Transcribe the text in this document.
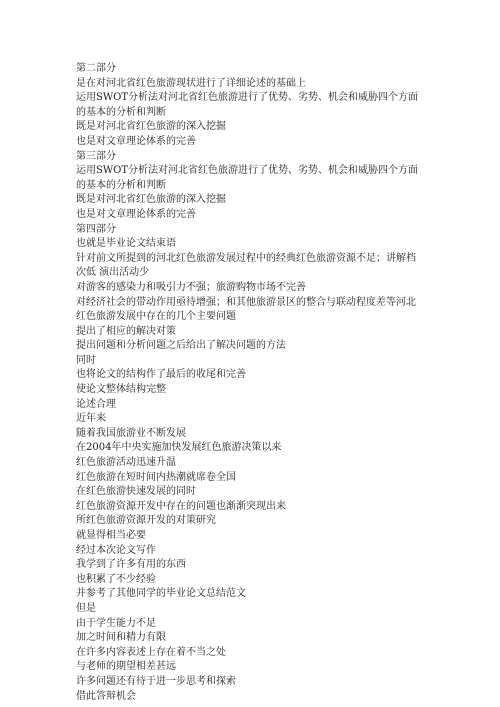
第二部分
是在对河北省红色旅游现状进行了详细论述的基础上
运用SWOT分析法对河北省红色旅游进行了优势、劣势、机会和威胁四个方面
的基本的分析和判断
既是对河北省红色旅游的深入挖掘
也是对文章理论体系的完善
第三部分
运用SWOT分析法对河北省红色旅游进行了优势、劣势、机会和威胁四个方面
的基本的分析和判断
既是对河北省红色旅游的深入挖掘
也是对文章理论体系的完善
第四部分
也就是毕业论文结束语
针对前文所提到的河北红色旅游发展过程中的经典红色旅游资源不足；讲解档
次低 演出活动少
对游客的感染力和吸引力不强；旅游购物市场不完善
对经济社会的带动作用亟待增强；和其他旅游景区的整合与联动程度差等河北
红色旅游发展中存在的几个主要问题
提出了相应的解决对策
提出问题和分析问题之后给出了解决问题的方法
同时
也将论文的结构作了最后的收尾和完善
使论文整体结构完整
论述合理
近年来
随着我国旅游业不断发展
在2004年中央实施加快发展红色旅游决策以来
红色旅游活动迅速升温
红色旅游在短时间内热潮就席卷全国
在红色旅游快速发展的同时
红色旅游资源开发中存在的问题也渐渐突现出来
所红色旅游资源开发的对策研究
就显得相当必要
经过本次论文写作
我学到了许多有用的东西
也积累了不少经验
并参考了其他同学的毕业论文总结范文
但是
由于学生能力不足
加之时间和精力有限
在许多内容表述上存在着不当之处
与老师的期望相差甚远
许多问题还有待于进一步思考和探索
借此答辩机会
